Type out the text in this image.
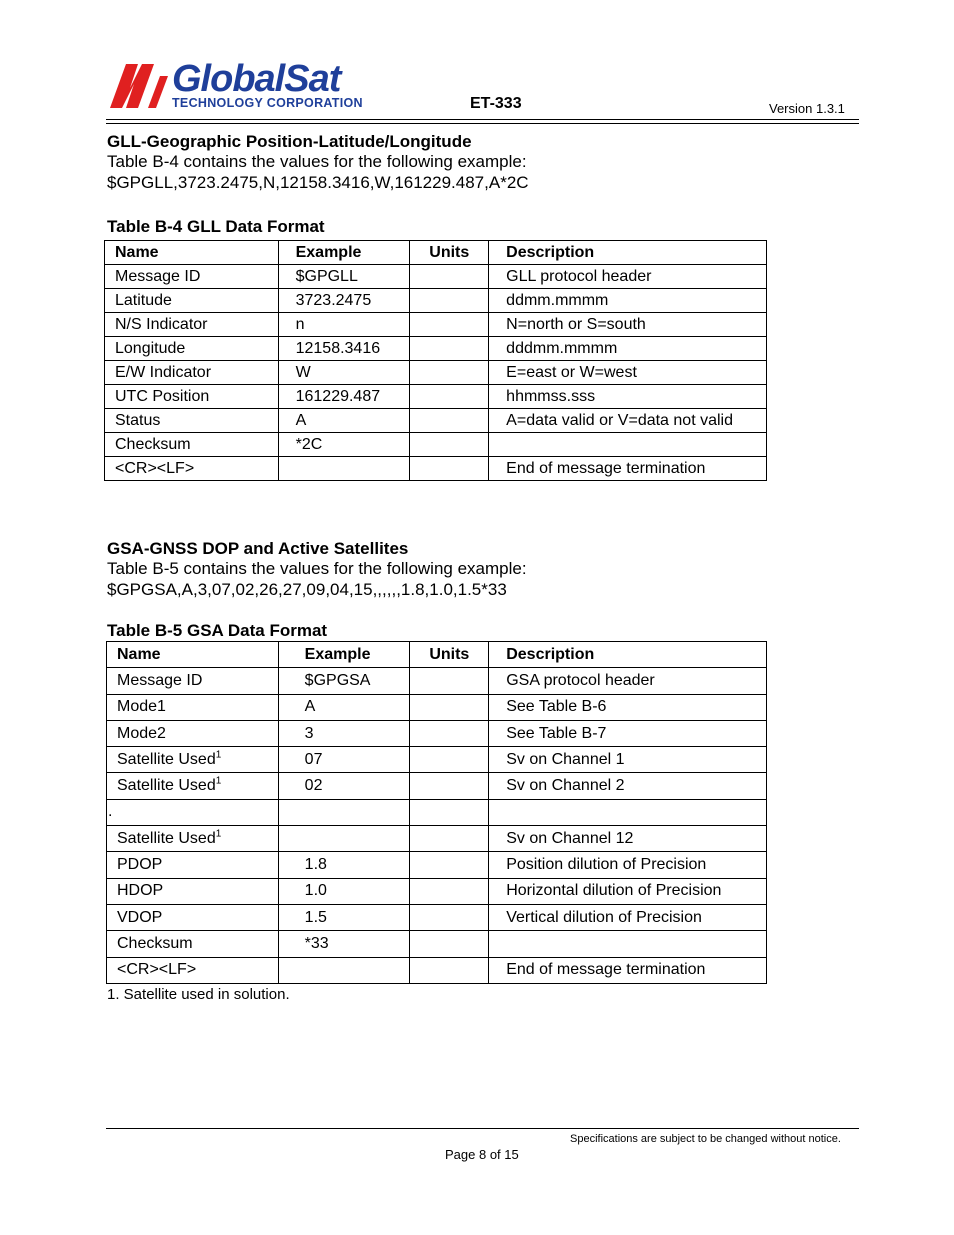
GlobalSat
TECHNOLOGY CORPORATION	ET-333	Version 1.3.1
GLL-Geographic Position-Latitude/Longitude
Table B-4 contains the values for the following example:
$GPGLL,3723.2475,N,12158.3416,W,161229.487,A*2C
Table B-4 GLL Data Format
Name	Example	Units	Description
Message ID	$GPGLL		GLL protocol header
Latitude	3723.2475		ddmm.mmmm
N/S Indicator	n		N=north or S=south
Longitude	12158.3416		dddmm.mmmm
E/W Indicator	W		E=east or W=west
UTC Position	161229.487		hhmmss.sss
Status	A		A=data valid or V=data not valid
Checksum	*2C		
<CR><LF>			End of message termination
GSA-GNSS DOP and Active Satellites
Table B-5 contains the values for the following example:
$GPGSA,A,3,07,02,26,27,09,04,15,,,,,,1.8,1.0,1.5*33
Table B-5 GSA Data Format
Name	Example	Units	Description
Message ID	$GPGSA		GSA protocol header
Mode1	A		See Table B-6
Mode2	3		See Table B-7
Satellite Used$^1$	07		Sv on Channel 1
Satellite Used$^1$	02		Sv on Channel 2
.			
Satellite Used$^1$			Sv on Channel 12
PDOP	1.8		Position dilution of Precision
HDOP	1.0		Horizontal dilution of Precision
VDOP	1.5		Vertical dilution of Precision
Checksum	*33		
<CR><LF>			End of message termination
1. Satellite used in solution.
Specifications are subject to be changed without notice.
Page 8 of 15
